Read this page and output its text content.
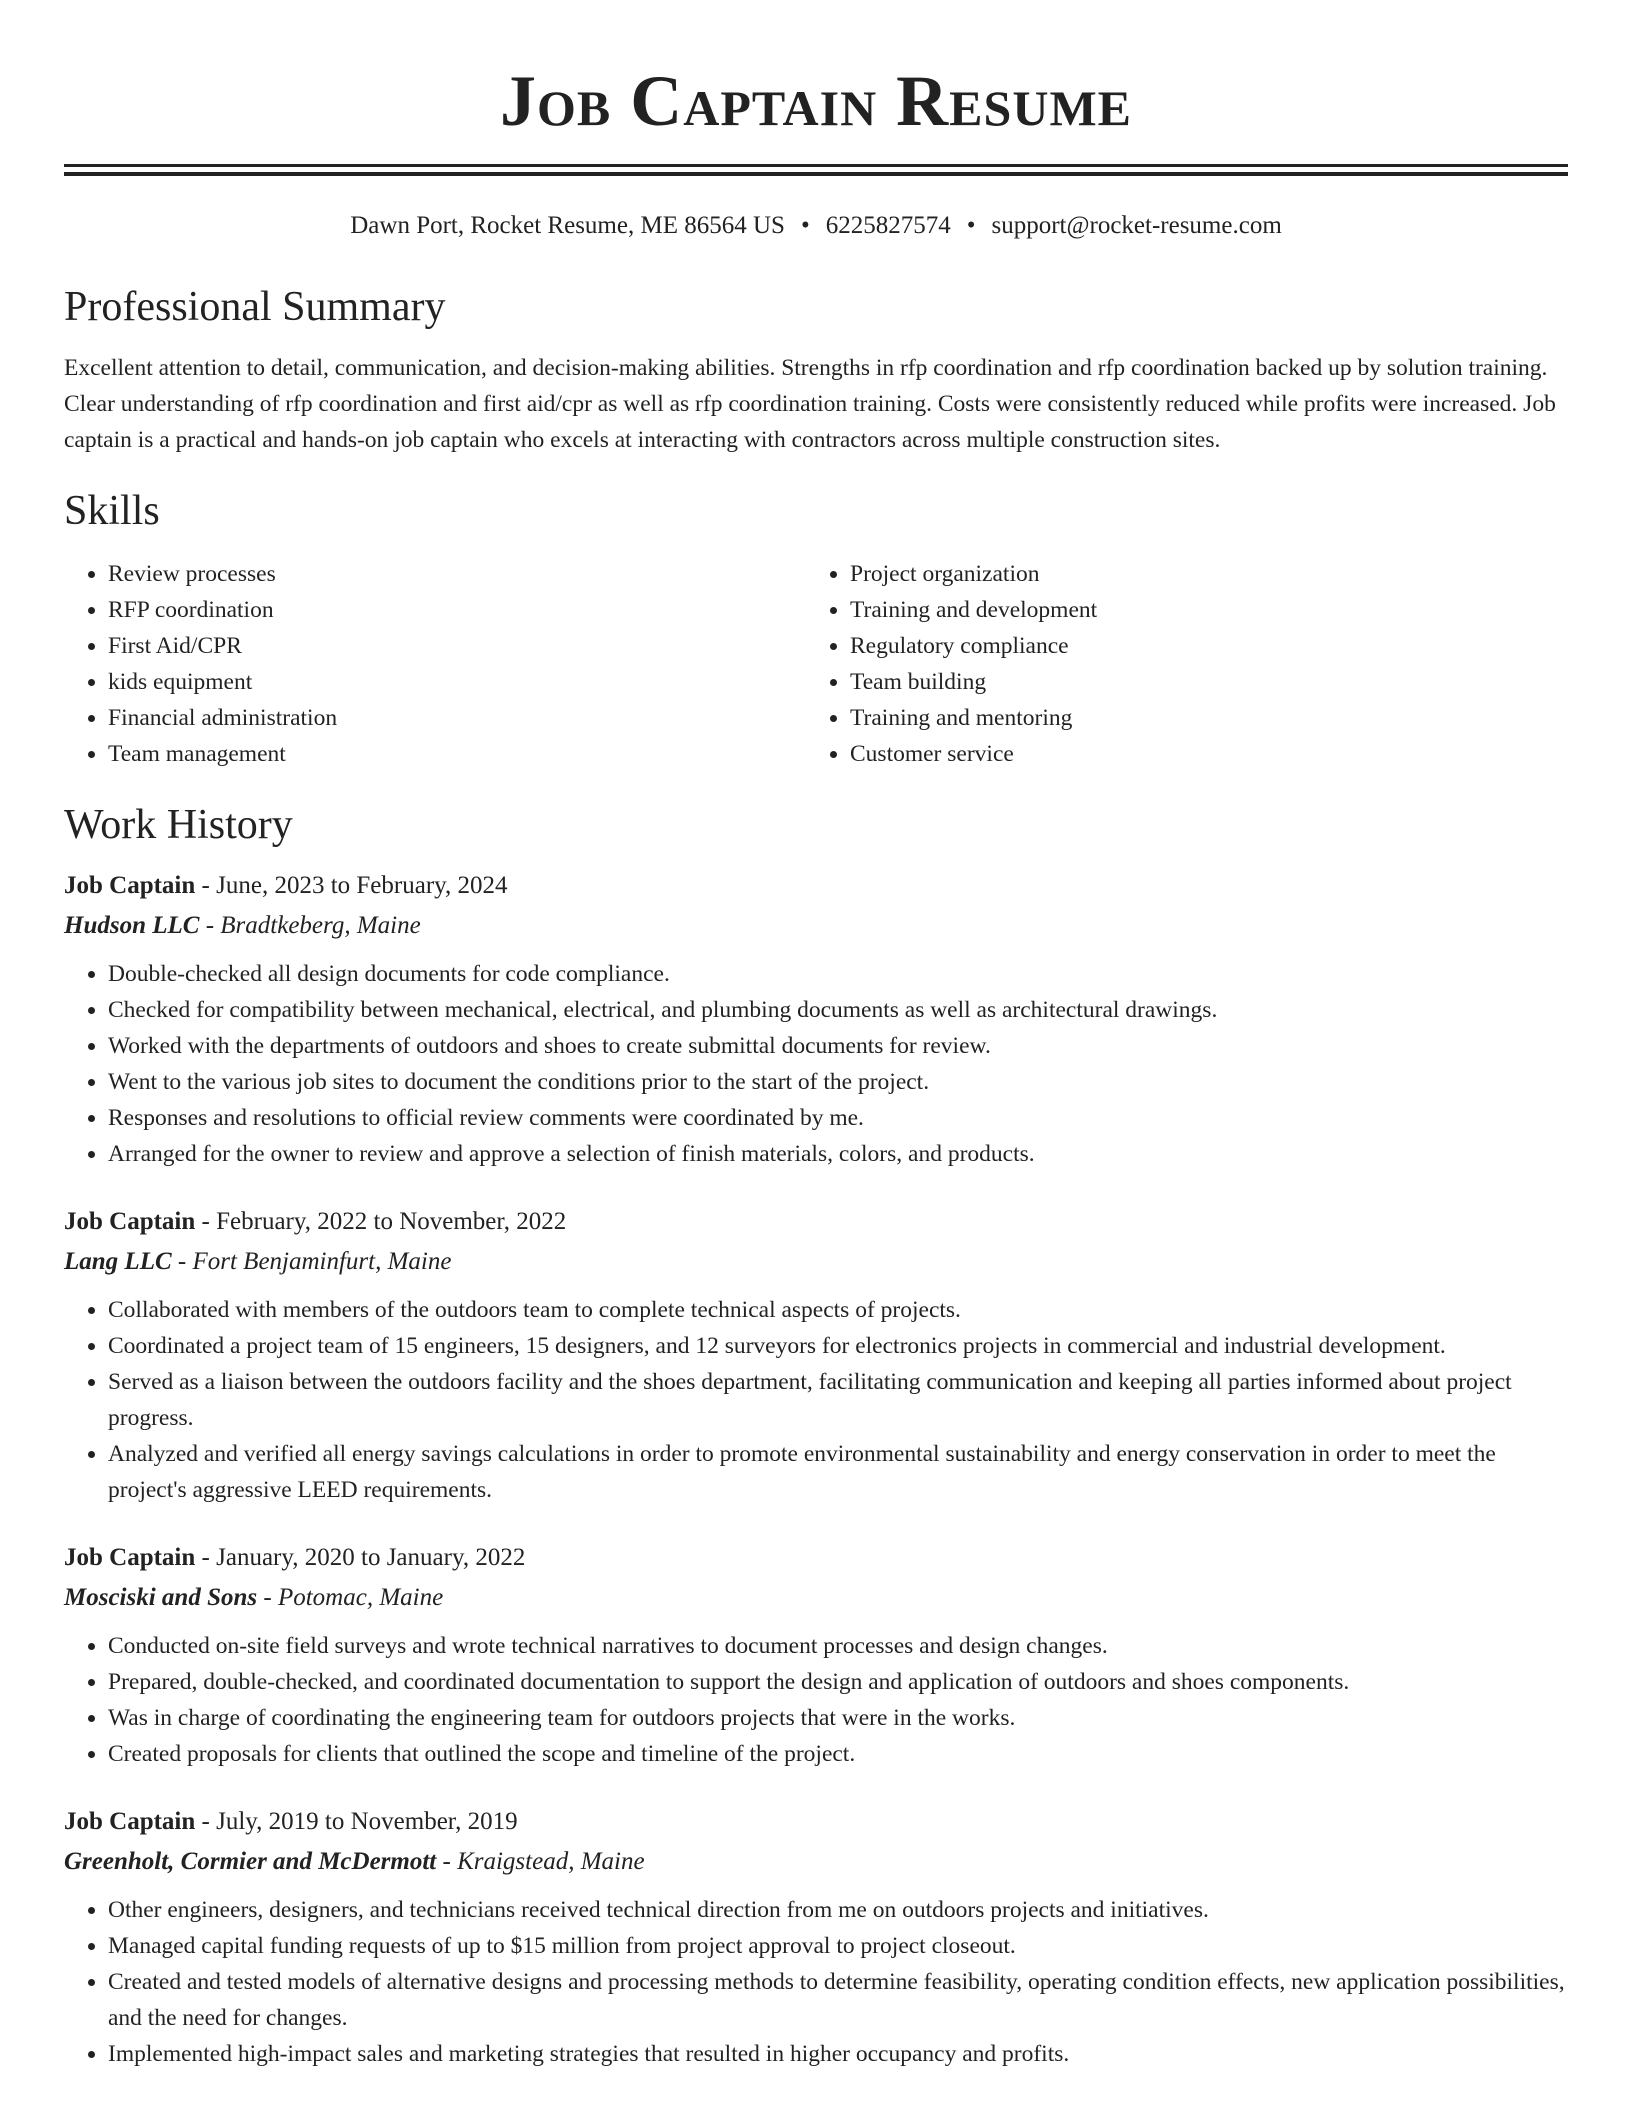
Job Captain Resume
Dawn Port, Rocket Resume, ME 86564 US • 6225827574 • support@rocket-resume.com
Professional Summary

Excellent attention to detail, communication, and decision-making abilities. Strengths in rfp coordination and rfp coordination backed up by solution training. Clear understanding of rfp coordination and first aid/cpr as well as rfp coordination training. Costs were consistently reduced while profits were increased. Job captain is a practical and hands-on job captain who excels at interacting with contractors across multiple construction sites.

Skills
• Review processes
• RFP coordination
• First Aid/CPR
• kids equipment
• Financial administration
• Team management
• Project organization
• Training and development
• Regulatory compliance
• Team building
• Training and mentoring
• Customer service
Work History
Job Captain - June, 2023 to February, 2024
Hudson LLC - Bradtkeberg, Maine
• Double-checked all design documents for code compliance.
• Checked for compatibility between mechanical, electrical, and plumbing documents as well as architectural drawings.
• Worked with the departments of outdoors and shoes to create submittal documents for review.
• Went to the various job sites to document the conditions prior to the start of the project.
• Responses and resolutions to official review comments were coordinated by me.
• Arranged for the owner to review and approve a selection of finish materials, colors, and products.
Job Captain - February, 2022 to November, 2022
Lang LLC - Fort Benjaminfurt, Maine
• Collaborated with members of the outdoors team to complete technical aspects of projects.
• Coordinated a project team of 15 engineers, 15 designers, and 12 surveyors for electronics projects in commercial and industrial development.
• Served as a liaison between the outdoors facility and the shoes department, facilitating communication and keeping all parties informed about project progress.
• Analyzed and verified all energy savings calculations in order to promote environmental sustainability and energy conservation in order to meet the project's aggressive LEED requirements.
Job Captain - January, 2020 to January, 2022
Mosciski and Sons - Potomac, Maine
• Conducted on-site field surveys and wrote technical narratives to document processes and design changes.
• Prepared, double-checked, and coordinated documentation to support the design and application of outdoors and shoes components.
• Was in charge of coordinating the engineering team for outdoors projects that were in the works.
• Created proposals for clients that outlined the scope and timeline of the project.
Job Captain - July, 2019 to November, 2019
Greenholt, Cormier and McDermott - Kraigstead, Maine
• Other engineers, designers, and technicians received technical direction from me on outdoors projects and initiatives.
• Managed capital funding requests of up to $15 million from project approval to project closeout.
• Created and tested models of alternative designs and processing methods to determine feasibility, operating condition effects, new application possibilities, and the need for changes.
• Implemented high-impact sales and marketing strategies that resulted in higher occupancy and profits.
